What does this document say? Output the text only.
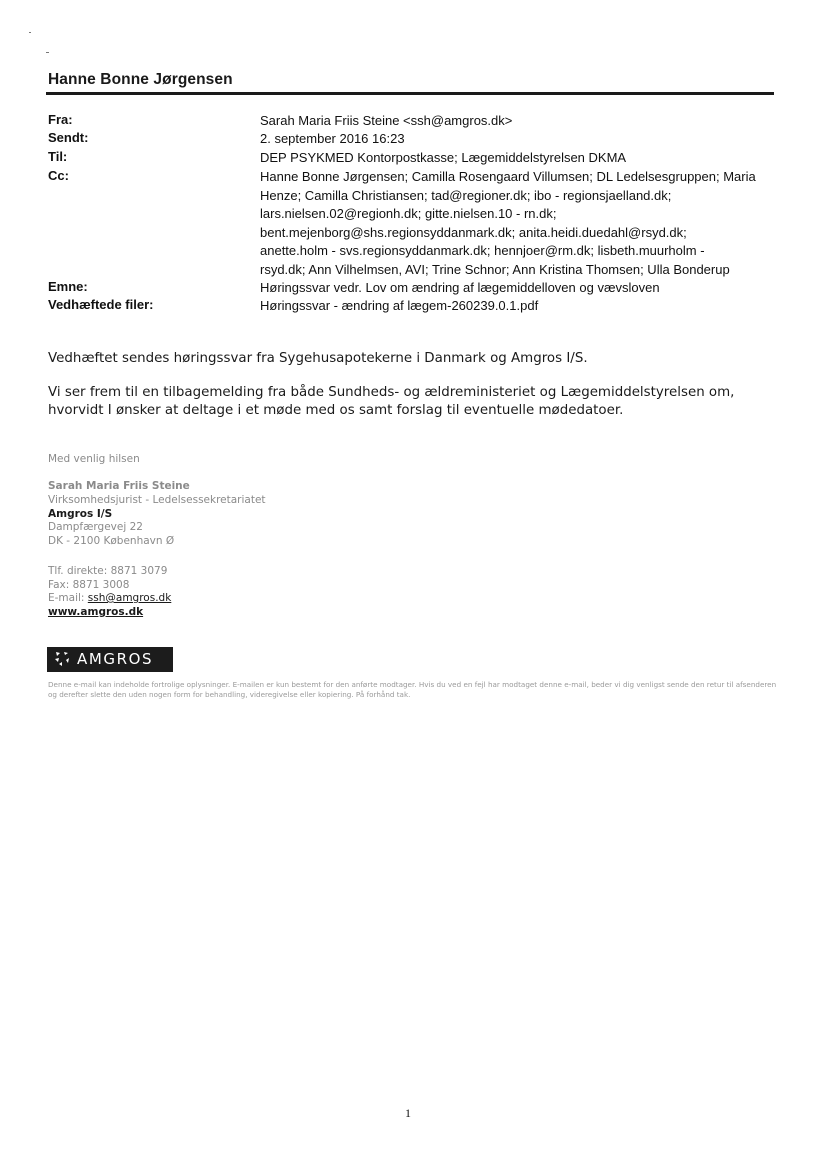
Hanne Bonne Jørgensen
Fra:	Sarah Maria Friis Steine <ssh@amgros.dk>
Sendt:	2. september 2016 16:23
Til:	DEP PSYKMED Kontorpostkasse; Lægemiddelstyrelsen DKMA
Cc:	Hanne Bonne Jørgensen; Camilla Rosengaard Villumsen; DL Ledelsesgruppen; Maria
Henze; Camilla Christiansen; tad@regioner.dk; ibo - regionsjaelland.dk;
lars.nielsen.02@regionh.dk; gitte.nielsen.10 - rn.dk;
bent.mejenborg@shs.regionsyddanmark.dk; anita.heidi.duedahl@rsyd.dk;
anette.holm - svs.regionsyddanmark.dk; hennjoer@rm.dk; lisbeth.muurholm -
rsyd.dk; Ann Vilhelmsen, AVI; Trine Schnor; Ann Kristina Thomsen; Ulla Bonderup
Emne:	Høringssvar vedr. Lov om ændring af lægemiddelloven og vævsloven
Vedhæftede filer:	Høringssvar - ændring af lægem-260239.0.1.pdf
Vedhæftet sendes høringssvar fra Sygehusapotekerne i Danmark og Amgros I/S.
Vi ser frem til en tilbagemelding fra både Sundheds- og ældreministeriet og Lægemiddelstyrelsen om, hvorvidt I ønsker at deltage i et møde med os samt forslag til eventuelle mødedatoer.
Med venlig hilsen
Sarah Maria Friis Steine
Virksomhedsjurist - Ledelsessekretariatet
Amgros I/S
Dampfærgevej 22
DK - 2100 København Ø
Tlf. direkte: 8871 3079
Fax: 8871 3008
E-mail: ssh@amgros.dk
www.amgros.dk
AMGROS
Denne e-mail kan indeholde fortrolige oplysninger. E-mailen er kun bestemt for den anførte modtager. Hvis du ved en fejl har modtaget denne e-mail, beder vi dig venligst sende den retur til afsenderen og derefter slette den uden nogen form for behandling, videregivelse eller kopiering. På forhånd tak.
1
